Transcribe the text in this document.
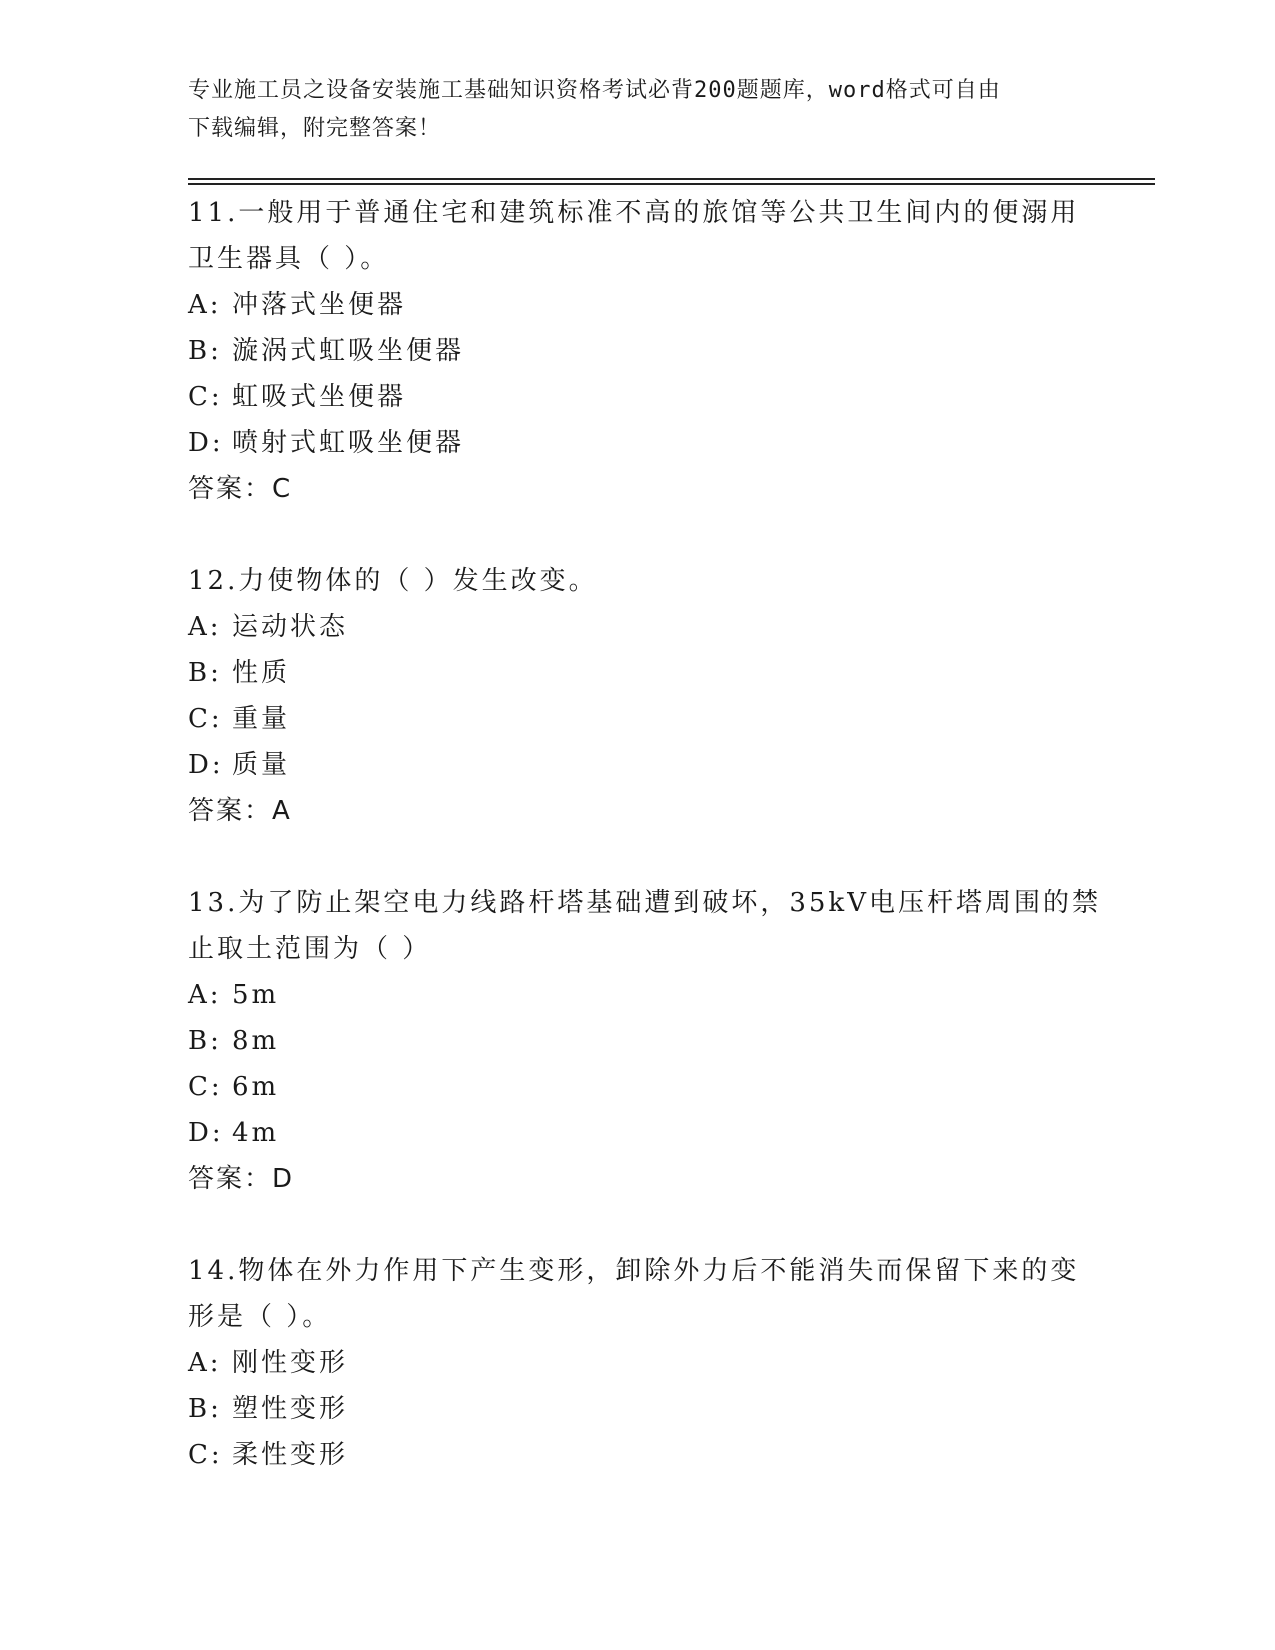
专业施工员之设备安装施工基础知识资格考试必背200题题库，word格式可自由
下载编辑，附完整答案！
11.一般用于普通住宅和建筑标准不高的旅馆等公共卫生间内的便溺用
卫生器具（ ）。
A: 冲落式坐便器
B: 漩涡式虹吸坐便器
C: 虹吸式坐便器
D: 喷射式虹吸坐便器
答案：C
12.力使物体的（ ）发生改变。
A: 运动状态
B: 性质
C: 重量
D: 质量
答案：A
13.为了防止架空电力线路杆塔基础遭到破坏，35kV电压杆塔周围的禁
止取土范围为（ ）
A: 5m
B: 8m
C: 6m
D: 4m
答案：D
14.物体在外力作用下产生变形，卸除外力后不能消失而保留下来的变
形是（ ）。
A: 刚性变形
B: 塑性变形
C: 柔性变形
